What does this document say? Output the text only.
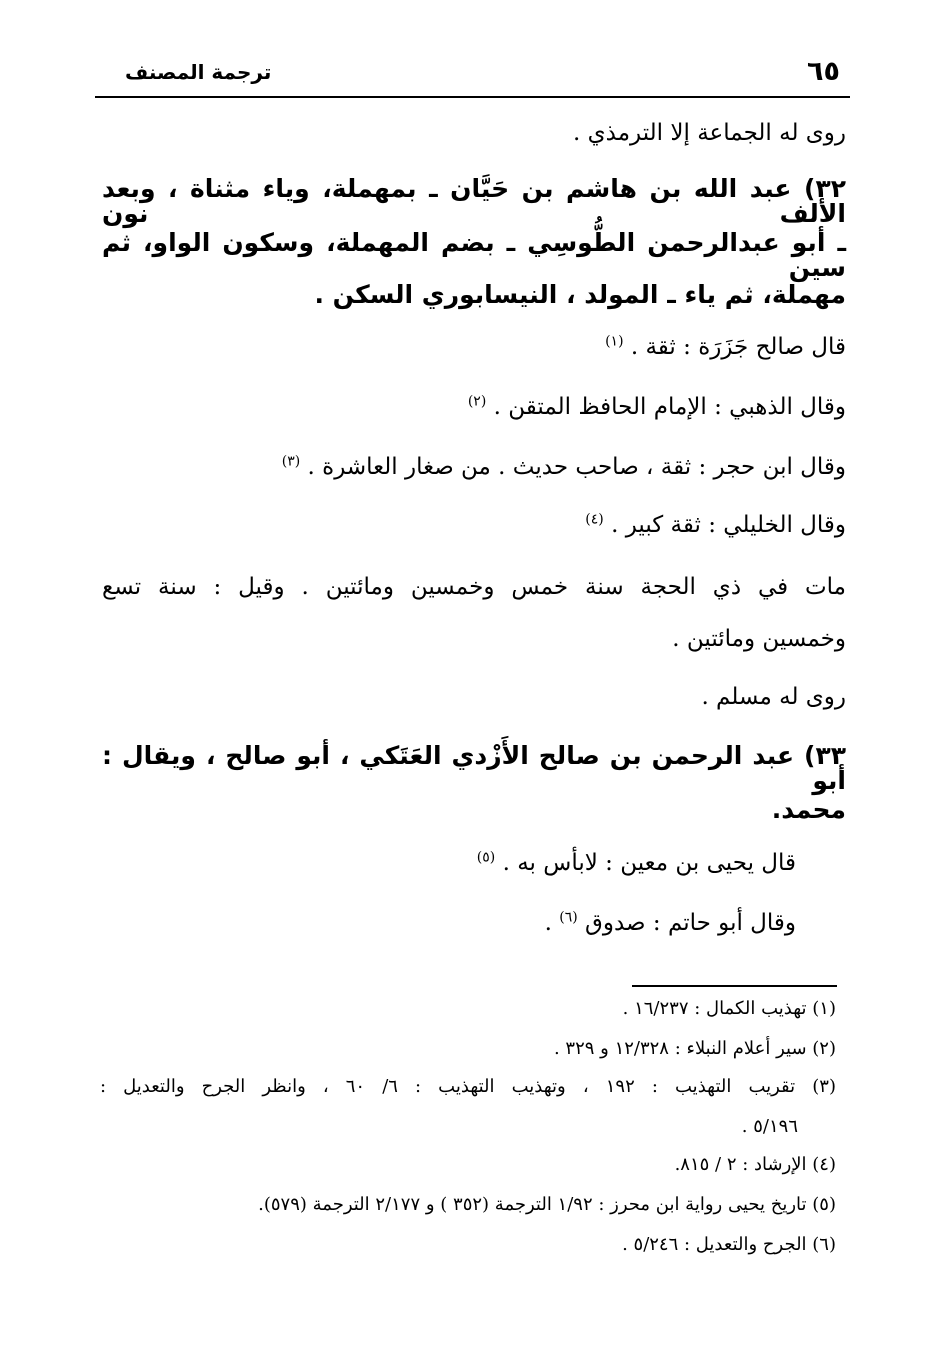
٦٥
ترجمة المصنف
روى له الجماعة إلا الترمذي .
٣٢) عبد الله بن هاشم بن حَيَّان ـ بمهملة، وياء مثناة ، وبعد الألف نون
ـ أبو عبدالرحمن الطُّوسِي ـ بضم المهملة، وسكون الواو، ثم سين
مهملة، ثم ياء ـ المولد ، النيسابوري السكن .
قال صالح جَزَرَة : ثقة . $^{(١)}$
وقال الذهبي : الإمام الحافظ المتقن . $^{(٢)}$
وقال ابن حجر : ثقة ، صاحب حديث . من صغار العاشرة . $^{(٣)}$
وقال الخليلي : ثقة كبير . $^{(٤)}$
مات في ذي الحجة سنة خمس وخمسين ومائتين . وقيل : سنة تسع
وخمسين ومائتين .
روى له مسلم .
٣٣) عبد الرحمن بن صالح الأَزْدي العَتَكي ، أبو صالح ، ويقال : أبو
محمد.
قال يحيى بن معين : لابأس به . $^{(٥)}$
وقال أبو حاتم : صدوق $^{(٦)}$ .
(١) تهذيب الكمال : ١٦/٢٣٧ .
(٢) سير أعلام النبلاء : ١٢/٣٢٨ و ٣٢٩ .
(٣) تقريب التهذيب : ١٩٢ ، وتهذيب التهذيب : ٦/ ٦٠ ، وانظر الجرح والتعديل :
٥/١٩٦ .
(٤) الإرشاد : ٢ / ٨١٥.
(٥) تاريخ يحيى رواية ابن محرز : ١/٩٢ الترجمة (٣٥٢ ) و ٢/١٧٧ الترجمة (٥٧٩).
(٦) الجرح والتعديل : ٥/٢٤٦ .
